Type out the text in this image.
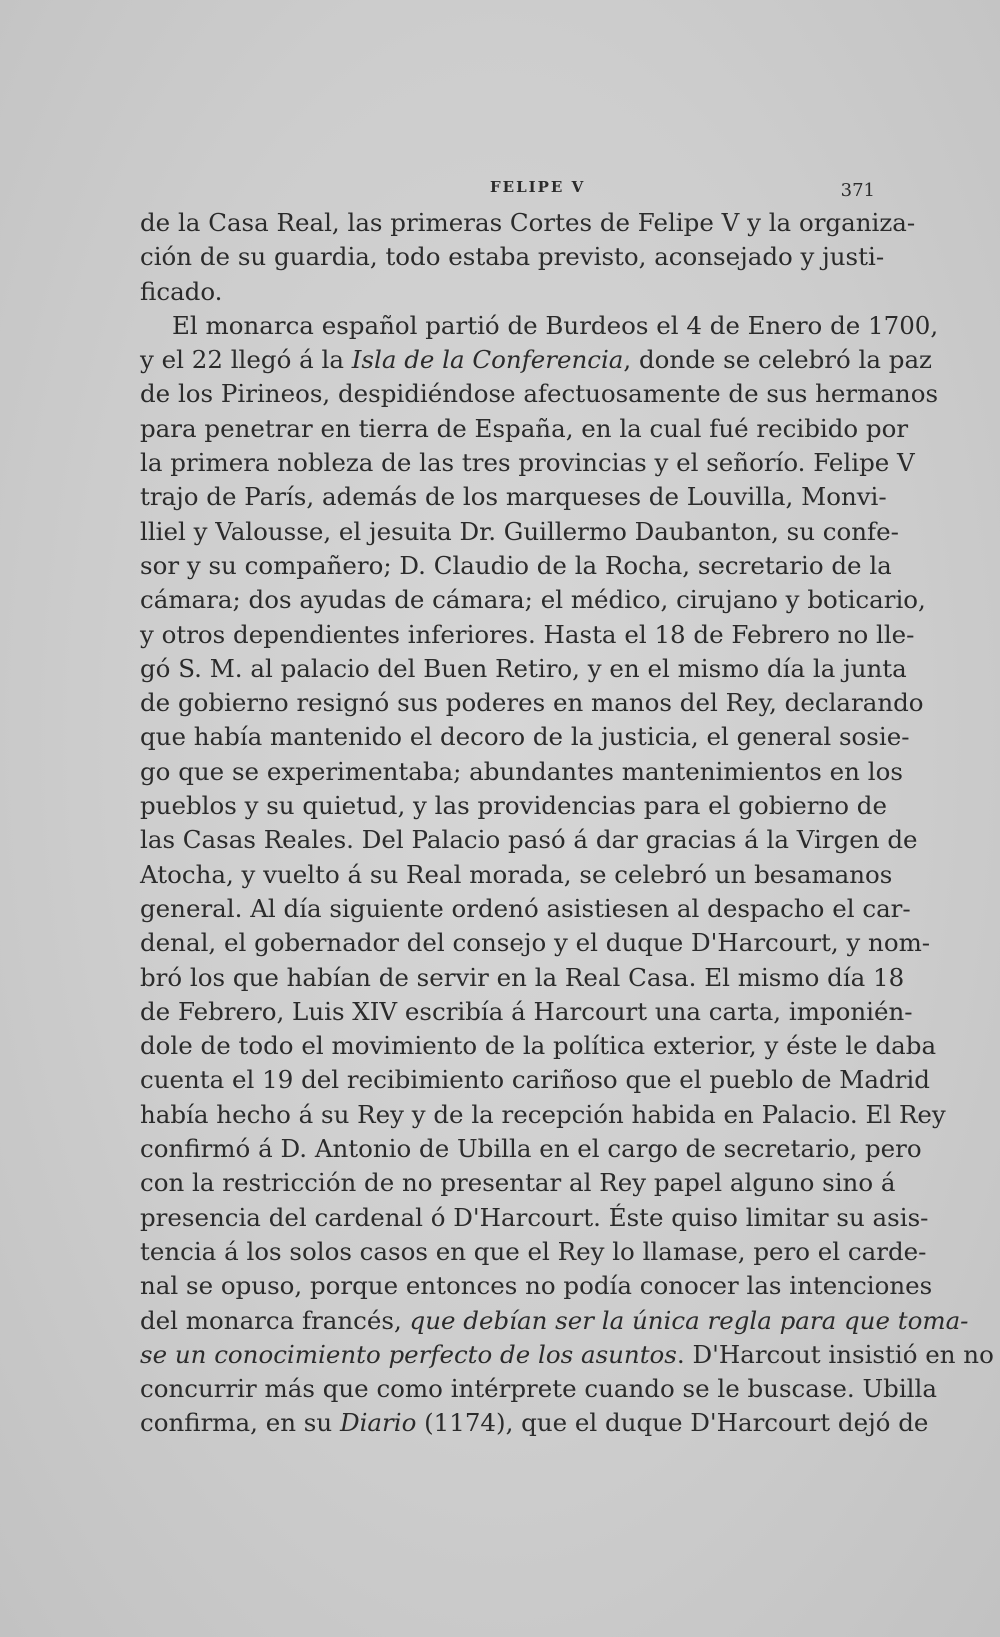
FELIPE V	371
de la Casa Real, las primeras Cortes de Felipe V y la organiza-
ción de su guardia, todo estaba previsto, aconsejado y justi-
ficado.
El monarca español partió de Burdeos el 4 de Enero de 1700,
y el 22 llegó á la Isla de la Conferencia, donde se celebró la paz
de los Pirineos, despidiéndose afectuosamente de sus hermanos
para penetrar en tierra de España, en la cual fué recibido por
la primera nobleza de las tres provincias y el señorío. Felipe V
trajo de París, además de los marqueses de Louvilla, Monvi-
lliel y Valousse, el jesuita Dr. Guillermo Daubanton, su confe-
sor y su compañero; D. Claudio de la Rocha, secretario de la
cámara; dos ayudas de cámara; el médico, cirujano y boticario,
y otros dependientes inferiores. Hasta el 18 de Febrero no lle-
gó S. M. al palacio del Buen Retiro, y en el mismo día la junta
de gobierno resignó sus poderes en manos del Rey, declarando
que había mantenido el decoro de la justicia, el general sosie-
go que se experimentaba; abundantes mantenimientos en los
pueblos y su quietud, y las providencias para el gobierno de
las Casas Reales. Del Palacio pasó á dar gracias á la Virgen de
Atocha, y vuelto á su Real morada, se celebró un besamanos
general. Al día siguiente ordenó asistiesen al despacho el car-
denal, el gobernador del consejo y el duque D'Harcourt, y nom-
bró los que habían de servir en la Real Casa. El mismo día 18
de Febrero, Luis XIV escribía á Harcourt una carta, imponién-
dole de todo el movimiento de la política exterior, y éste le daba
cuenta el 19 del recibimiento cariñoso que el pueblo de Madrid
había hecho á su Rey y de la recepción habida en Palacio. El Rey
confirmó á D. Antonio de Ubilla en el cargo de secretario, pero
con la restricción de no presentar al Rey papel alguno sino á
presencia del cardenal ó D'Harcourt. Éste quiso limitar su asis-
tencia á los solos casos en que el Rey lo llamase, pero el carde-
nal se opuso, porque entonces no podía conocer las intenciones
del monarca francés, que debían ser la única regla para que toma-
se un conocimiento perfecto de los asuntos. D'Harcout insistió en no
concurrir más que como intérprete cuando se le buscase. Ubilla
confirma, en su Diario (1174), que el duque D'Harcourt dejó de
